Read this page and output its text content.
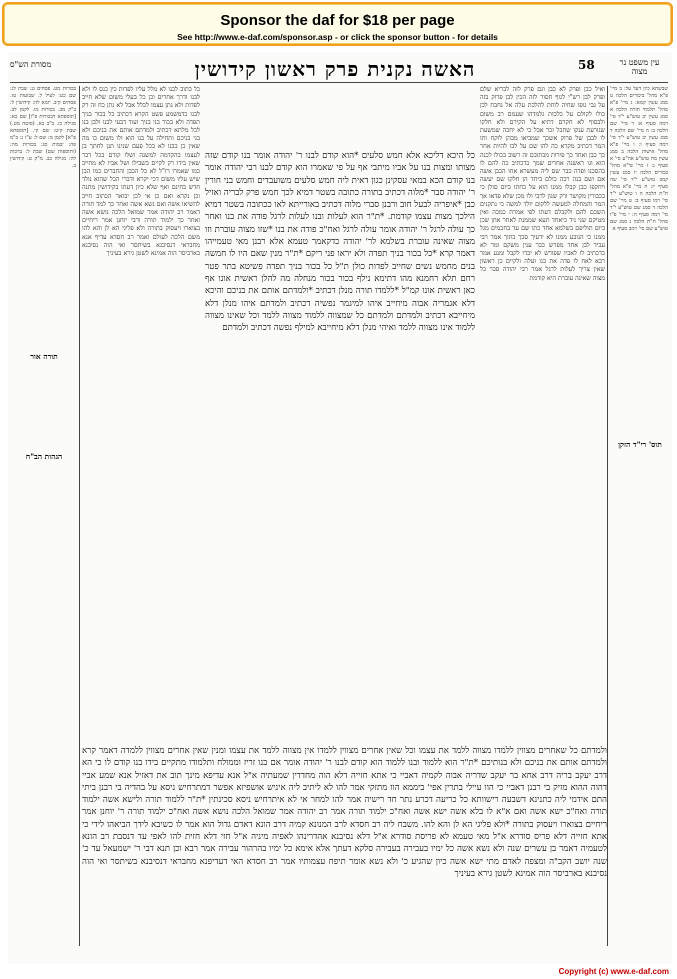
Sponsor the daf for $18 per page
See http://www.e-daf.com/sponsor.asp - or click the sponsor button - for details
מסורת הש"ס	האשה נקנית פרק ראשון קידושין	58	עין משפט נר מצוה
שבשתא כיון דעל על: ב מיי' פ"א מהל' ביכורים הלכה ט סמג עשין קמא: ג מיי' פ"א מהל' תלמוד תורה הלכה א סמג עשין יב טוש"ע י"ד סי' רמה סעיף א: ד מיי' שם הלכה ב: ה מיי' שם הלכה ד סמג עשין יב טוש"ע י"ד סי' רמה סעיף ו: ו מיי' פ"א מהל' אישות הלכה ב סמג עשין מח טוש"ע אה"ע סי' א סעיף ג: ז מיי' פי"א מהל' בכורים הלכה יז סמג עשין קמב טוש"ע י"ד סי' שה סעיף יז: ח מיי' פ"א מהל' ת"ת הלכה ה ו טוש"ע י"ד סי' רמו סעיף ב: ט מיי' שם הלכה ד סמג שם טוש"ע י"ד סי' רמה סעיף ה: י מיי' פ"ו מהל' ת"ת הלכה ג סמג שם טוש"ע שם סי' רמב סעיף א
בכורות מט. פסחים נג: שבת לג: שם כט: לעיל ל. שבועות טז. פסחים קיב. יומא לה: קידושין ל: ב"ק מב. בכורות מו. לקמן לב. [תוספתא דבכורות פ"ו] שם כא: מגילה כז. ב"ב כא. (סוטה מט.) שבת קיט: שם קי. [תוספתא פ"א] לקמן מ: שם ל: ע"ז ג: ב"מ פה: יבמות סג: בכורות מה: (ותוספות שם) שבת ל: ברכות לה: מגילה כב. מ"ק ט: קידושין ב.
ואיל כבן ופרק לא כבן וגם פרק לזה לבריא שלם ופרק לבן רש"י לגוף חסור לזה הכין לבן פרוק בזה על גבי גופו שחיה לוחת להלכת עלה אל נחבח לכן כולו לקולם על כלכות גלמדהו שעמם רב משום ולבסוף לא חקרם דתיא על הקירם ולא חלקו שגורעת ענקו שחבל זכר אבל כי לא יחכה שמשעת לו לבבן של פרוק אשכך שמביאו מכהן לוקח ותו המר דכתיב מקרא כה להו שם על לבו להיות אחר כך כבן ואחד כך פירות מכתובם זה רשוב בכולו לכנה הוא וגו ראשנה אחרים שמך כדכתיב כה להם לו בהסכנו ופדה כבר שם ליה מעשרא אחו הכבן אשה אם ושם בנה רכה כולם ביחד הן חלקו שם יעשה ויחקפו כבן קבלו ממנו הוא על כחתו ביום סולן כי בכבורין מקושר ורק שנון לרבי ולו מכן שלא פדאו אך המר והמחלה למעשה ללקום יולד למשה כי נתקנים השכם להם ולקבלם דעתו לפי אמרת כמכה ואין מטיקם שני ניד כיאחד תעא שממנת לאחר אחן שכן ביום תוליפם בשלמא אחד כתו שם עד בחכמים מגל ממנו כי הנובע ממנו לא ידעיך סכך בתוך אמר רבי עביד לבן אחד מפרש כבר ענין משקם ומר לא כדכתיב לו לאביו שפורש לא יבדו לקבל ומנע אמר רבא לאח לו פדה את בנו ועלה ולקיים כן ראשון שאין צריך לעלות לרגל אמר רבי יהודה סבר כל מצוה שאינה עוברת היא קודמת
כל כתוב לבנו לא מלל עליו לפדות כין כנס לו ולא לבנו ודרך אחרים וכן כל בעלי משום שלא חייב לפדות ולא נתן עצמו לכלל אבל לא נתן כח זה רק לבנו כדמשמע פשט הקרא דכתיב כל בכור בניך תפדה ולא בכור בני בניך ועוד דבעי לבנו ולבן בנו לכל מלתא דכתיב ולמדתם אותם את בניכם ולא בני בניכם ותחילה על בנו הוא ולו משום כו מה שאין כן בבנו לא בכל פעם שנינו תנן לחתך בן לעצמו בהקדמה למשנה ושלו קודם בכל דבר שאין בידו רק לקיים בשבילו ושל אביו לא מחייב כמו שאמרו רז"ל לא כל הכבן והחברים כמו הבן שיש עליו משום דכי יקרא ודברי הכל שהוא נולד חדש בחינם ואף שלא כיון דעתו בקידושין מתנה וכן נקרא ואם כן אי לכן יבואר הכתוב חייב להשיאו אשה ואם נשא אשה ואחר כך למד תורה דאמר רב יהודה אמר שמואל הלכה נושא אשה ואחר כך ילמוד תורה ורבי יוחנן אמר ריחיים בצוארו ויעסוק בתורה ולא פליגי הא לן והא להו משם הלכה לעולם ואמר רב חסדא עדיף אנא מחבראי דנסיבנא בשיתסר ואי הוה נסיבנא בארביסר הוה אמינא לשטן גירא בעיניך
כל היכא דליכא אלא חמש סלעים *הוא קודם לבנו ר' יהודה אומר בנו קודם שזה מצותו ומצות בנו על אביו מיתבי אף על פי שאמרו הוא קודם לבנו רבי יהודה אומר בנו קודם הכא במאי עסקינן כגון דאית ליה חמש סלעים משועבדים וחמש בני חורין ר' יהודה סבר *מלוה דכתיב בתורה כתובה בשטר דמיא לכך חמש פרק לבריה ואזיל כבן *איפריה לבעל חוב ורבנן סברי מלוה דכתיב באורייתא לאו ככתובה בשטר דמיא הילכך מצות עצמו קודמת. *ת"ר הוא לעלות ובנו לעלות לרגל פודה את בנו ואחר כך עולה לרגל ר' יהודה אומר עולה לרגל ואח"כ פודה את בנו *שזו מצוה עוברת וזו מצוה שאינה עוברת בשלמא לר' יהודה כדקאמר טעמא אלא רבנן מאי טעמייהו דאמר קרא *כל בכור בניך תפדה ולא יראו פני ריקם *ת"ר מנין שאם היו לו חמשה בנים מחמש נשים שחייב לפדות כולן ת"ל כל בכור בניך תפדה פשיטא בתר פטר רחם תלא רחמנא מהו דתימא נילף בכור בכור מנחלה מה להלן ראשית אונו אף כאן ראשית אונו קמ"ל *ללמדו תורה מנלן דכתיב *ולמדתם אותם את בניכם והיכא דלא אגמריה אבוה מיחייב איהו למיגמר נפשיה דכתיב ולמדתם איהו מנלן דלא מיחייבא דכתיב ולמדתם ולמדתם כל שמצווה ללמוד מצווה ללמד וכל שאינו מצווה ללמוד אינו מצווה ללמד ואיהי מנלן דלא מיחייבא למילף נפשה דכתיב ולמדתם
ולמדתם כל שאחרים מצווין ללמדו מצווה ללמד את עצמו וכל שאין אחרים מצווין ללמדו אין מצווה ללמד את עצמו ומנין שאין אחרים מצווין ללמדה דאמר קרא ולמדתם אותם את בניכם ולא בנותיכם *ת"ר הוא ללמוד ובנו ללמוד הוא קודם לבנו ר' יהודה אומר אם בנו זריז וממולח ותלמודו מתקיים בידו בנו קודם לו כי הא דרב יעקב בריה דרב אחא בר יעקב שדריה אבוה לקמיה דאביי כי אתא חזייה דלא הוה מחדדין שמעתיה א"ל אנא עדיפא מינך תוב את דאזיל אנא שמע אביי דהוה ההוא מזיק בי רבנן דאביי כי הוו עיילי בתרין אפי' ביממא הוו מתזקי אמר להו לא ליתיב ליה איניש אושפיזא אפשר דמתרחיש ניסא על בהדיה בי רבנן ביתי התם אידמי ליה כתנינא דשבעה רישוותא כל כריעה דכרע נתר חד רישיה אמר להו למחר אי לא איתרחיש ניסא סכינתין *ת"ר ללמוד תורה ולישא אשה ילמוד תורה ואח"כ ישא אשה ואם א"א לו בלא אשה ישא אשה ואח"כ ילמוד תורה אמר רב יהודה אמר שמואל הלכה נושא אשה ואח"כ ילמוד תורה ר' יוחנן אמר ריחיים בצוארו ויעסוק בתורה *ולא פליגי הא לן והא להו. משבח ליה רב חסדא לרב המנונא קמיה דרב הונא דאדם גדול הוא אמר לו כשיבא לידך הביאהו לידי כי אתא חזייה דלא פריס סודרא א"ל מאי טעמא לא פריסת סודרא א"ל דלא נסיבנא אהדרינהו לאפיה מיניה א"ל חזי דלא חזית להו לאפי עד דנסבת רב הונא לטעמיה דאמר בן עשרים שנה ולא נשא אשה כל ימיו בעבירה בעבירה סלקא דעתך אלא אימא כל ימיו בהרהור עבירה אמר רבא וכן תנא דבי ר' ישמעאל עד כ' שנה יושב הקב"ה ומצפה לאדם מתי ישא אשה כיון שהגיע כ' ולא נשא אומר תיפח עצמותיו אמר רב חסדא האי דעדיפנא מחבראי דנסיבנא בשיתסר ואי הוה נסיבנא בארביסר הוה אמינא לשטן גירא בעיניך
תורה אור
הגהות הב"ח
תוס' רי"ד הזקן
Copyright (c) www.e-daf.com
